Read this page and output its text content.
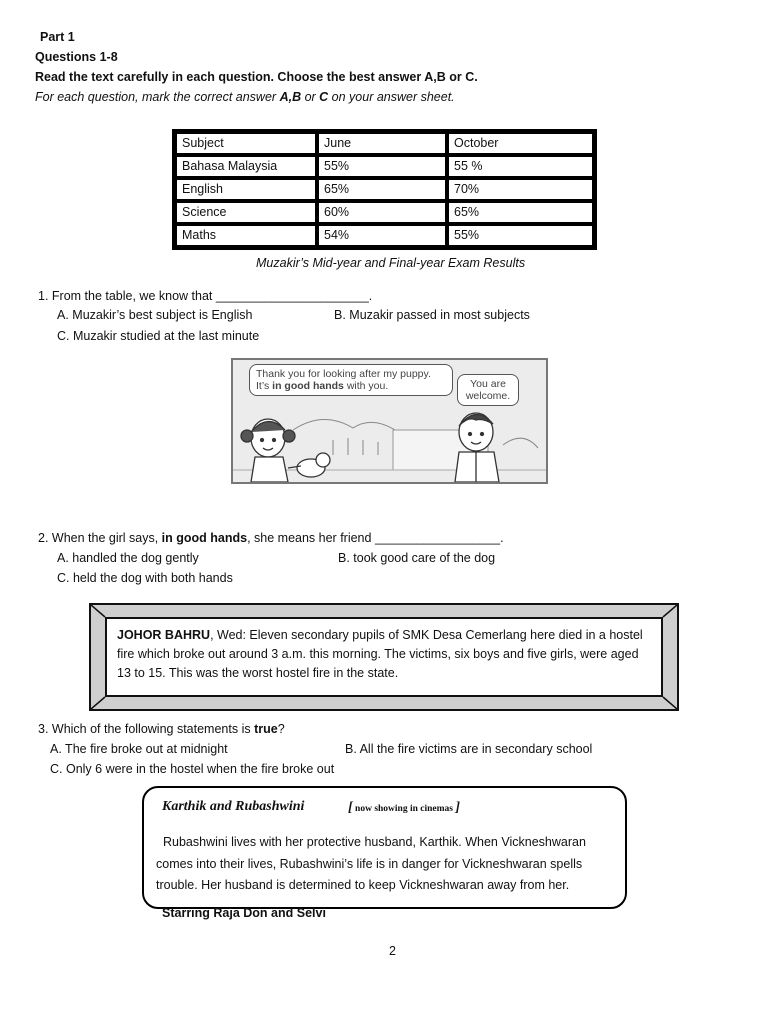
Part 1
Questions 1-8
Read the text carefully in each question. Choose the best answer A,B or C.
For each question, mark the correct answer A,B or C on your answer sheet.
Subject	June	October
Bahasa Malaysia	55%	55 %
English	65%	70%
Science	60%	65%
Maths	54%	55%
Muzakir’s Mid-year and Final-year Exam Results
1. From the table, we know that ______________________.
A. Muzakir’s best subject is English	B. Muzakir passed in most subjects
C. Muzakir studied at the last minute
Thank you for looking after my puppy. It’s in good hands with you.	You are welcome.
2. When the girl says, in good hands, she means her friend __________________.
A. handled the dog gently	B. took good care of the dog
C. held the dog with both hands
JOHOR BAHRU, Wed: Eleven secondary pupils of SMK Desa Cemerlang here died in a hostel fire which broke out around 3 a.m. this morning. The victims, six boys and five girls, were aged 13 to 15. This was the worst hostel fire in the state.
3. Which of the following statements is true?
A. The fire broke out at midnight	B. All the fire victims are in secondary school
C. Only 6 were in the hostel when the fire broke out
Karthik and Rubashwini	[ now showing in cinemas ]
Rubashwini lives with her protective husband, Karthik. When Vickneshwaran comes into their lives, Rubashwini’s life is in danger for Vickneshwaran spells trouble. Her husband is determined to keep Vickneshwaran away from her.
Starring Raja Don and Selvi
2
